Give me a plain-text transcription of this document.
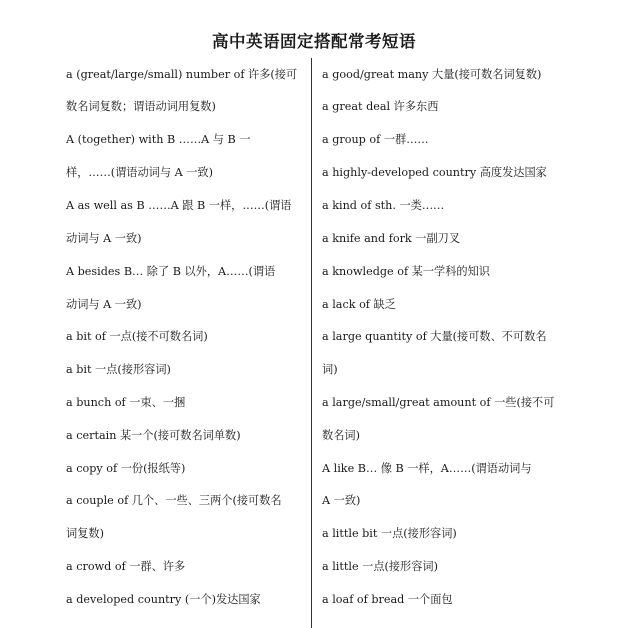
高中英语固定搭配常考短语
a (great/large/small) number of 许多(接可
数名词复数；谓语动词用复数)
A (together) with B ……A 与 B 一
样，……(谓语动词与 A 一致)
A as well as B ……A 跟 B 一样，……(谓语
动词与 A 一致)
A besides B… 除了 B 以外，A……(谓语
动词与 A 一致)
a bit of 一点(接不可数名词)
a bit 一点(接形容词)
a bunch of 一束、一捆
a certain 某一个(接可数名词单数)
a copy of 一份(报纸等)
a couple of 几个、一些、三两个(接可数名
词复数)
a crowd of 一群、许多
a developed country (一个)发达国家
a good/great many 大量(接可数名词复数)
a great deal 许多东西
a group of 一群……
a highly-developed country 高度发达国家
a kind of sth. 一类……
a knife and fork 一副刀叉
a knowledge of 某一学科的知识
a lack of 缺乏
a large quantity of 大量(接可数、不可数名
词)
a large/small/great amount of 一些(接不可
数名词)
A like B… 像 B 一样，A……(谓语动词与
A 一致)
a little bit 一点(接形容词)
a little 一点(接形容词)
a loaf of bread 一个面包
